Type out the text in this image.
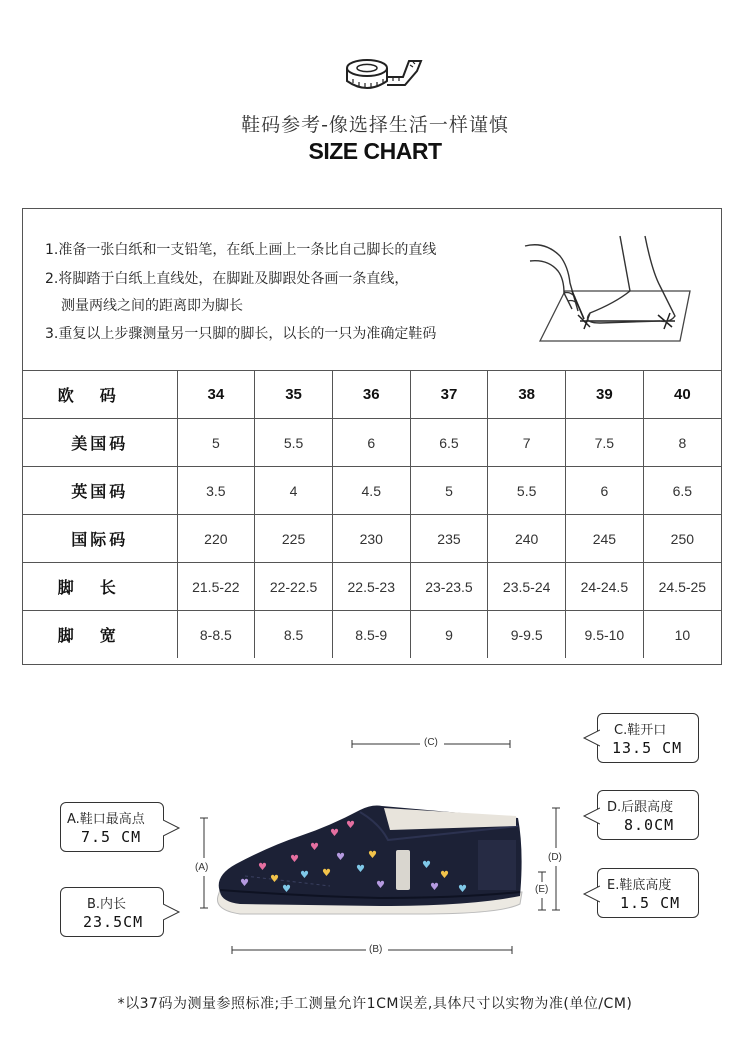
鞋码参考-像选择生活一样谨慎
SIZE CHART
1.准备一张白纸和一支铅笔，在纸上画上一条比自己脚长的直线
2.将脚踏于白纸上直线处，在脚趾及脚跟处各画一条直线，
测量两线之间的距离即为脚长
3.重复以上步骤测量另一只脚的脚长，以长的一只为准确定鞋码
欧码	34	35	36	37	38	39	40
美国码	5	5.5	6	6.5	7	7.5	8
英国码	3.5	4	4.5	5	5.5	6	6.5
国际码	220	225	230	235	240	245	250
脚长	21.5-22	22-22.5	22.5-23	23-23.5	23.5-24	24-24.5	24.5-25
脚宽	8-8.5	8.5	8.5-9	9	9-9.5	9.5-10	10
♥
♥
♥
♥
♥
♥
♥
♥
♥
♥
♥
♥	♥
♥
♥
♥
♥	♥
(C)
(A)
(B)
(D)
(E)
A.鞋口最高点
7.5 CM
B.内长
23.5CM
C.鞋开口
13.5 CM
D.后跟高度
8.0CM
E.鞋底高度
1.5 CM
*以37码为测量参照标准;手工测量允许1CM误差,具体尺寸以实物为准(单位/CM)
